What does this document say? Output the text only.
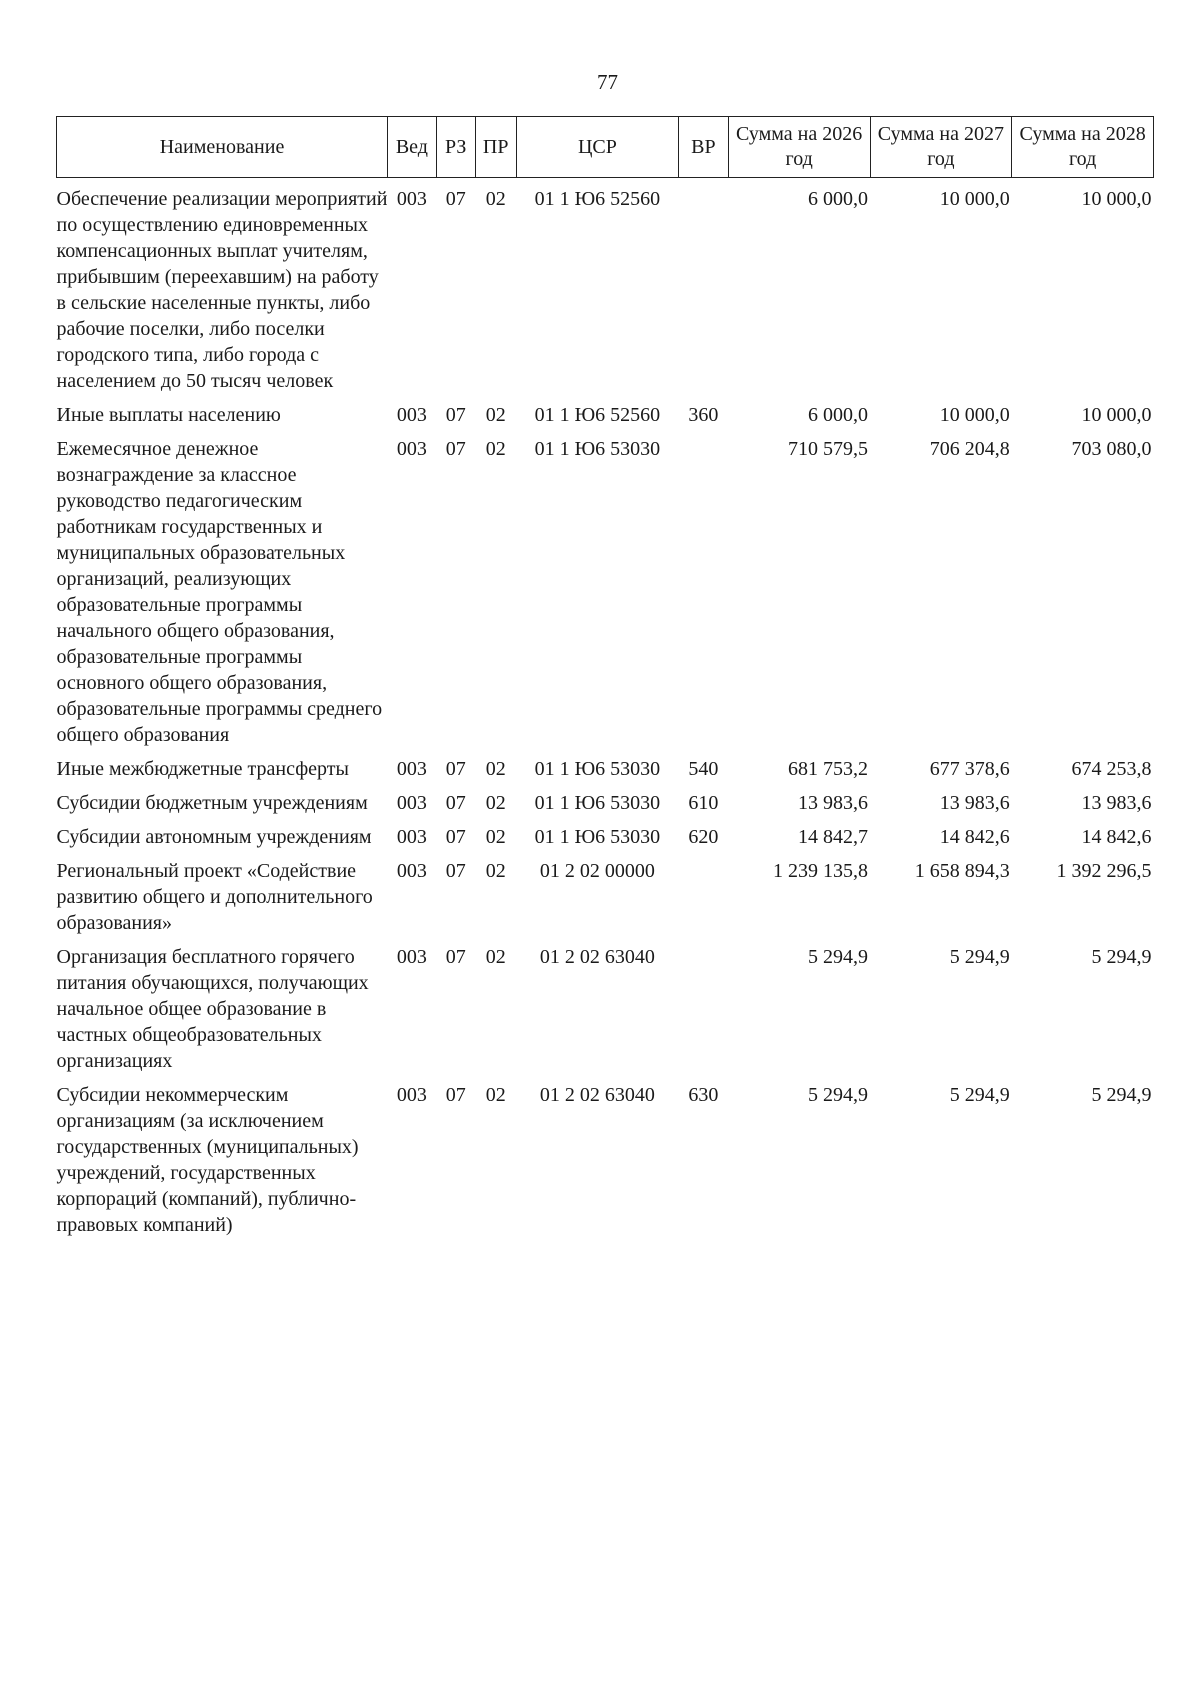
77
Наименование	Вед	РЗ	ПР	ЦСР	ВР	Сумма на 2026 год	Сумма на 2027 год	Сумма на 2028 год
Обеспечение реализации мероприятий по осуществлению единовременных компенсационных выплат учителям, прибывшим (переехавшим) на работу в сельские населенные пункты, либо рабочие поселки, либо поселки городского типа, либо города с населением до 50 тысяч человек	003	07	02	01 1 Ю6 52560		6 000,0	10 000,0	10 000,0
Иные выплаты населению	003	07	02	01 1 Ю6 52560	360	6 000,0	10 000,0	10 000,0
Ежемесячное денежное вознаграждение за классное руководство педагогическим работникам государственных и муниципальных образовательных организаций, реализующих образовательные программы начального общего образования, образовательные программы основного общего образования, образовательные программы среднего общего образования	003	07	02	01 1 Ю6 53030		710 579,5	706 204,8	703 080,0
Иные межбюджетные трансферты	003	07	02	01 1 Ю6 53030	540	681 753,2	677 378,6	674 253,8
Субсидии бюджетным учреждениям	003	07	02	01 1 Ю6 53030	610	13 983,6	13 983,6	13 983,6
Субсидии автономным учреждениям	003	07	02	01 1 Ю6 53030	620	14 842,7	14 842,6	14 842,6
Региональный проект «Содействие развитию общего и дополнительного образования»	003	07	02	01 2 02 00000		1 239 135,8	1 658 894,3	1 392 296,5
Организация бесплатного горячего питания обучающихся, получающих начальное общее образование в частных общеобразовательных организациях	003	07	02	01 2 02 63040		5 294,9	5 294,9	5 294,9
Субсидии некоммерческим организациям (за исключением государственных (муниципальных) учреждений, государственных корпораций (компаний), публично-правовых компаний)	003	07	02	01 2 02 63040	630	5 294,9	5 294,9	5 294,9
